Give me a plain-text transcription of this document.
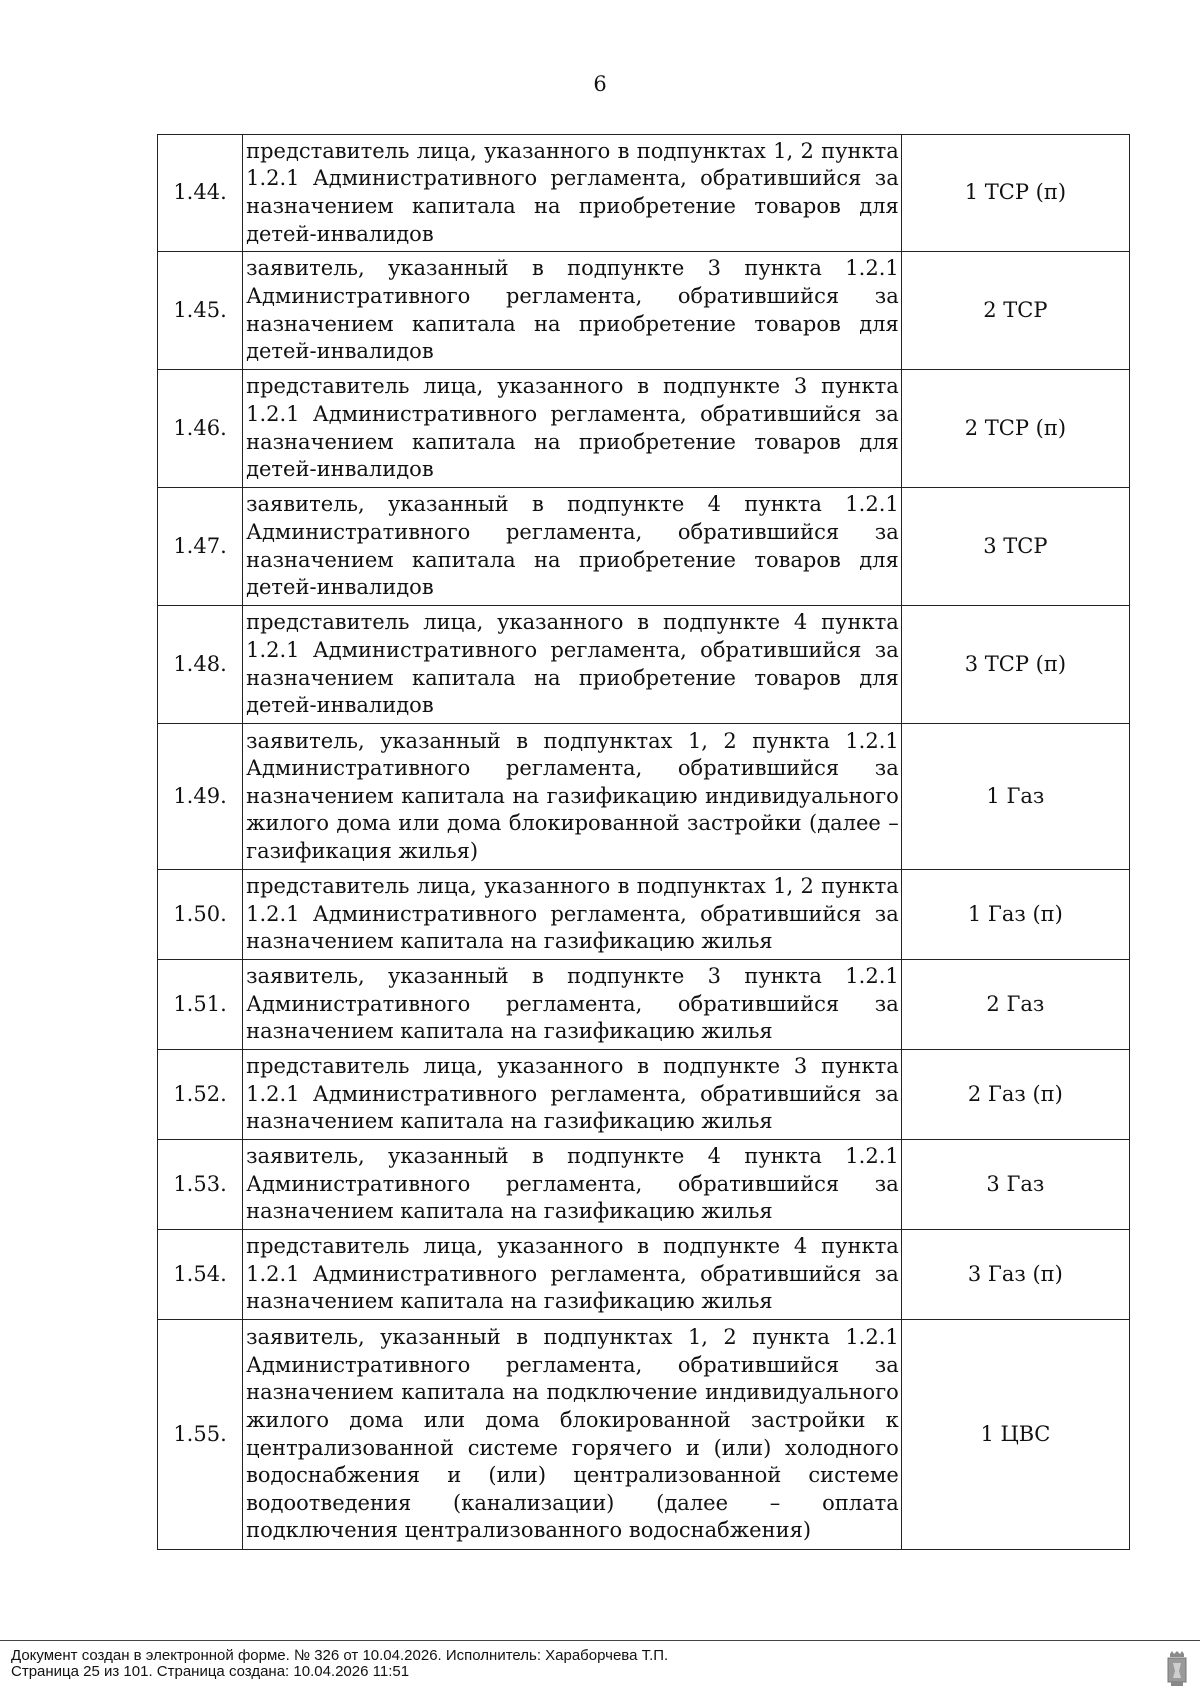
6
1.44.	представитель лица, указанного в подпунктах 1, 2 пункта 1.2.1 Административного регламента, обратившийся за назначением капитала на приобретение товаров для детей-инвалидов	1 ТСР (п)
1.45.	заявитель, указанный в подпункте 3 пункта 1.2.1 Административного регламента, обратившийся за назначением капитала на приобретение товаров для детей-инвалидов	2 ТСР
1.46.	представитель лица, указанного в подпункте 3 пункта 1.2.1 Административного регламента, обратившийся за назначением капитала на приобретение товаров для детей-инвалидов	2 ТСР (п)
1.47.	заявитель, указанный в подпункте 4 пункта 1.2.1 Административного регламента, обратившийся за назначением капитала на приобретение товаров для детей-инвалидов	3 ТСР
1.48.	представитель лица, указанного в подпункте 4 пункта 1.2.1 Административного регламента, обратившийся за назначением капитала на приобретение товаров для детей-инвалидов	3 ТСР (п)
1.49.	заявитель, указанный в подпунктах 1, 2 пункта 1.2.1 Административного регламента, обратившийся за назначением капитала на газификацию индивидуального жилого дома или дома блокированной застройки (далее – газификация жилья)	1 Газ
1.50.	представитель лица, указанного в подпунктах 1, 2 пункта 1.2.1 Административного регламента, обратившийся за назначением капитала на газификацию жилья	1 Газ (п)
1.51.	заявитель, указанный в подпункте 3 пункта 1.2.1 Административного регламента, обратившийся за назначением капитала на газификацию жилья	2 Газ
1.52.	представитель лица, указанного в подпункте 3 пункта 1.2.1 Административного регламента, обратившийся за назначением капитала на газификацию жилья	2 Газ (п)
1.53.	заявитель, указанный в подпункте 4 пункта 1.2.1 Административного регламента, обратившийся за назначением капитала на газификацию жилья	3 Газ
1.54.	представитель лица, указанного в подпункте 4 пункта 1.2.1 Административного регламента, обратившийся за назначением капитала на газификацию жилья	3 Газ (п)
1.55.	заявитель, указанный в подпунктах 1, 2 пункта 1.2.1 Административного регламента, обратившийся за назначением капитала на подключение индивидуального жилого дома или дома блокированной застройки к централизованной системе горячего и (или) холодного водоснабжения и (или) централизованной системе водоотведения (канализации) (далее – оплата подключения централизованного водоснабжения)	1 ЦВС
Документ создан в электронной форме. № 326 от 10.04.2026. Исполнитель: Хараборчева Т.П.
Страница 25 из 101. Страница создана: 10.04.2026 11:51
